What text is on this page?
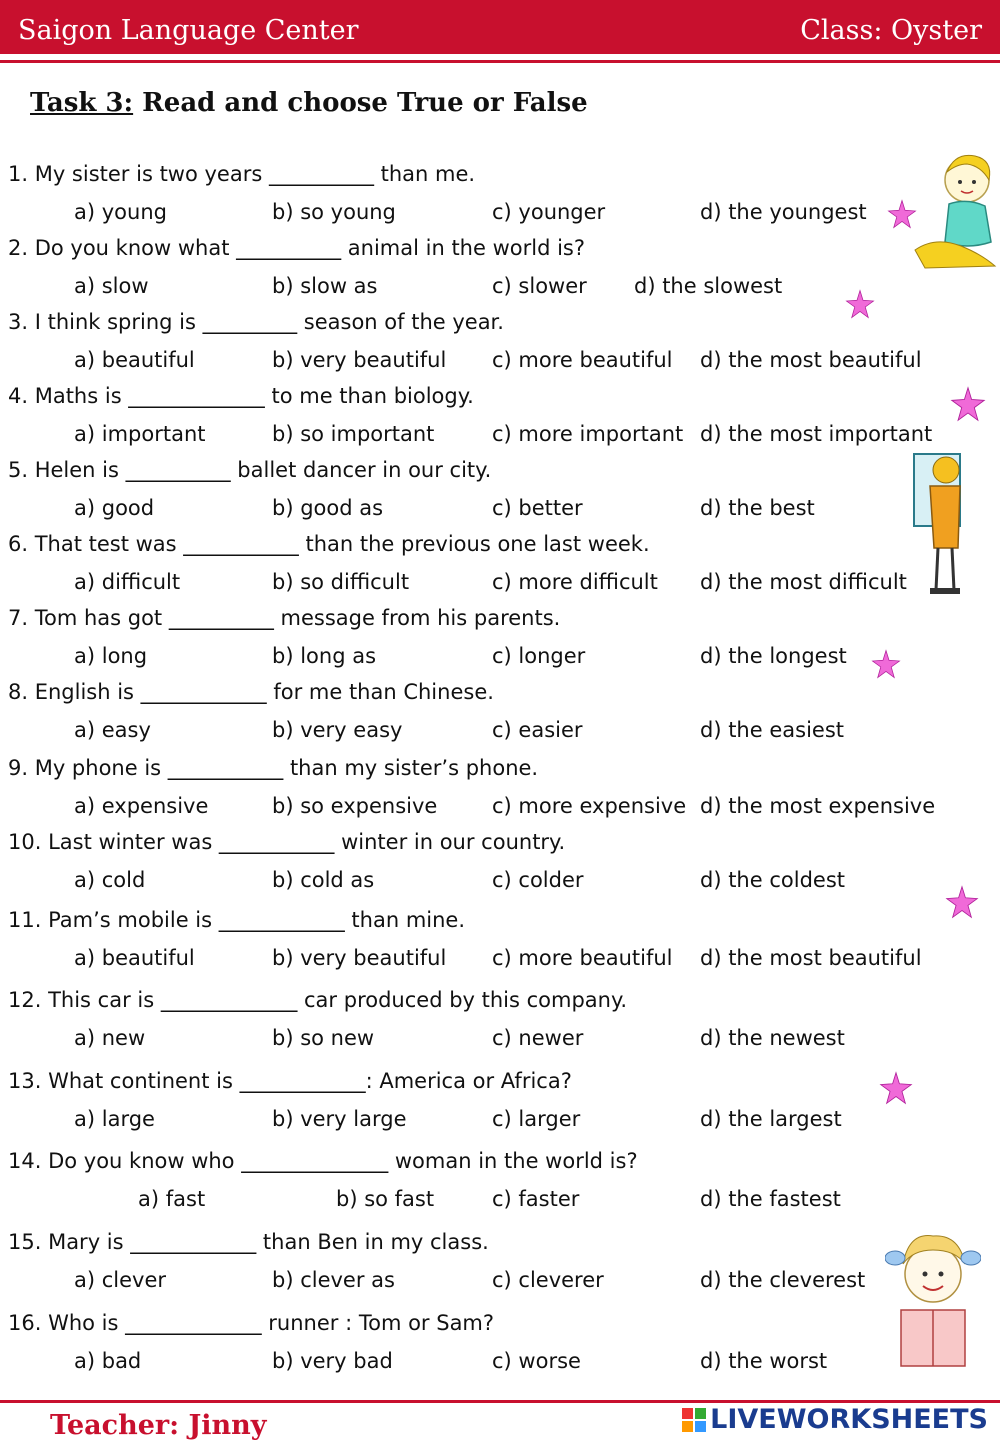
Saigon Language Center	Class: Oyster
Task 3: Read and choose True or False
1. My sister is two years __________ than me.
a) young	b) so young	c) younger	d) the youngest
2. Do you know what __________ animal in the world is?
a) slow	b) slow as	c) slower d) the slowest
3. I think spring is _________ season of the year.
a) beautiful	b) very beautiful c) more beautiful d) the most beautiful
4. Maths is _____________ to me than biology.
a) important	b) so important	c) more important d) the most important
5. Helen is __________ ballet dancer in our city.
a) good	b) good as	c) better	d) the best
6. That test was ___________ than the previous one last week.
a) difficult	b) so difficult	c) more difficult d) the most difficult
7. Tom has got __________ message from his parents.
a) long	b) long as	c) longer	d) the longest
8. English is ____________ for me than Chinese.
a) easy	b) very easy	c) easier	d) the easiest
9. My phone is ___________ than my sister’s phone.
a) expensive	b) so expensive	c) more expensive d) the most expensive
10. Last winter was ___________ winter in our country.
a) cold	b) cold as	c) colder	d) the coldest
11. Pam’s mobile is ____________ than mine.
a) beautiful	b) very beautiful c) more beautiful d) the most beautiful
12. This car is _____________ car produced by this company.
a) new	b) so new	c) newer	d) the newest
13. What continent is ____________: America or Africa?
a) large	b) very large	c) larger	d) the largest
14. Do you know who ______________ woman in the world is?
a) fast	b) so fast	c) faster	d) the fastest
15. Mary is ____________ than Ben in my class.
a) clever	b) clever as	c) cleverer	d) the cleverest
16. Who is _____________ runner : Tom or Sam?
a) bad	b) very bad	c) worse	d) the worst
Teacher: Jinny	LIVEWORKSHEETS
